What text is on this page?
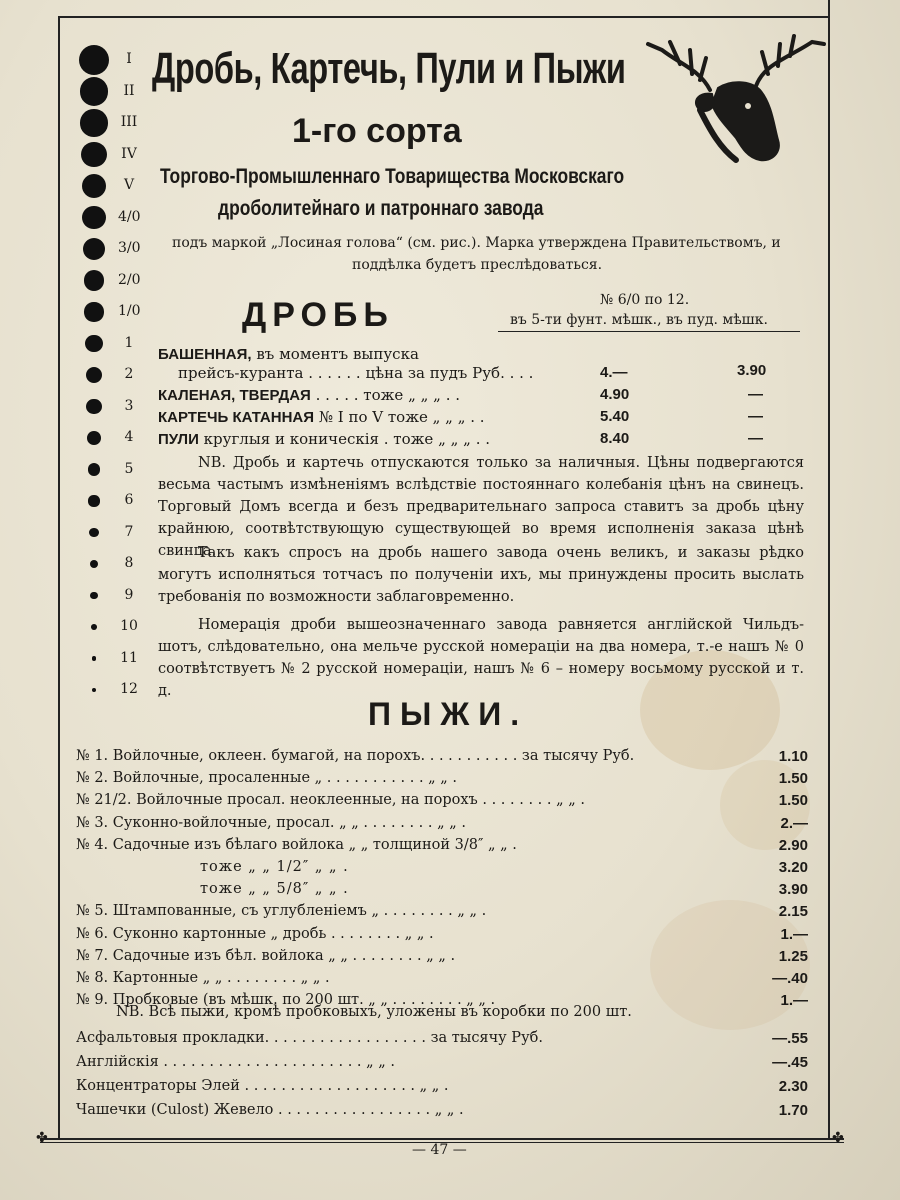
✤	✤
I
II
III
IV
V
4/0
3/0
2/0
1/0
1
2
3
4
5
6
7
8
9
10
11
12
Дробь, Картечь, Пули и Пыжи
1-го сорта
Торгово-Промышленнаго Товарищества Московскаго
дроболитейнаго и патроннаго завода
подъ маркой „Лосиная голова“ (см. рис.). Марка утверждена Правительствомъ, и
поддѣлка будетъ преслѣдоваться.
ДРОБЬ	№ 6/0 по 12.
въ 5-ти фунт. мѣшк., въ пуд. мѣшк.
БАШЕННАЯ, въ моментъ выпуска
прейсъ-куранта . . . . . . цѣна за пудъ Руб. . . .	4.—	3.90
КАЛЕНАЯ, ТВЕРДАЯ . . . . . тоже „ „ „ . .	4.90	—
КАРТЕЧЬ КАТАННАЯ № I по V тоже „ „ „ . .	5.40	—
ПУЛИ круглыя и коническія . тоже „ „ „ . .	8.40	—
NB. Дробь и картечь отпускаются только за наличныя. Цѣны подвергаются весьма частымъ измѣненіямъ вслѣдствіе постояннаго колебанія цѣнъ на свинецъ. Торговый Домъ всегда и безъ предварительнаго запроса ставитъ за дробь цѣну крайнюю, соотвѣтствующую существующей во время исполненія заказа цѣнѣ свинца.
Такъ какъ спросъ на дробь нашего завода очень великъ, и заказы рѣдко могутъ исполняться тотчасъ по полученіи ихъ, мы принуждены просить выслать требованія по возможности заблаговременно.
Номерація дроби вышеозначеннаго завода равняется англійской Чильдъ-шотъ, слѣдовательно, она мельче русской номераціи на два номера, т.-е нашъ № 0 соотвѣтствуетъ № 2 русской номераціи, нашъ № 6 – номеру восьмому русской и т. д.
ПЫЖИ.
№ 1. Войлочные, оклеен. бумагой, на порохъ. . . . . . . . . . . за тысячу Руб.	1.10
№ 2. Войлочные, просаленные „ . . . . . . . . . . . „ „ .	1.50
№ 21/2. Войлочные просал. неоклеенные, на порохъ . . . . . . . . „ „ .	1.50
№ 3. Суконно-войлочные, просал. „ „ . . . . . . . . „ „ .	2.—
№ 4. Садочные изъ бѣлаго войлока „ „ толщиной 3/8″ „ „ .	2.90
тоже „ „ 1/2″ „ „ .	3.20
тоже „ „ 5/8″ „ „ .	3.90
№ 5. Штампованные, съ углубленіемъ „ . . . . . . . . „ „ .	2.15
№ 6. Суконно картонные „ дробь . . . . . . . . „ „ .	1.—
№ 7. Садочные изъ бѣл. войлока „ „ . . . . . . . . „ „ .	1.25
№ 8. Картонные „ „ . . . . . . . . „ „ .	—.40
№ 9. Пробковые (въ мѣшк. по 200 шт. „ „ . . . . . . . . „ „ .	1.—
NB. Всѣ пыжи, кромѣ пробковыхъ, уложены въ коробки по 200 шт.
Асфальтовыя прокладки. . . . . . . . . . . . . . . . . . за тысячу Руб.	—.55
Англійскія . . . . . . . . . . . . . . . . . . . . . . „ „ .	—.45
Концентраторы Элей . . . . . . . . . . . . . . . . . . . „ „ .	2.30
Чашечки (Culost) Жевело . . . . . . . . . . . . . . . . . „ „ .	1.70
— 47 —
